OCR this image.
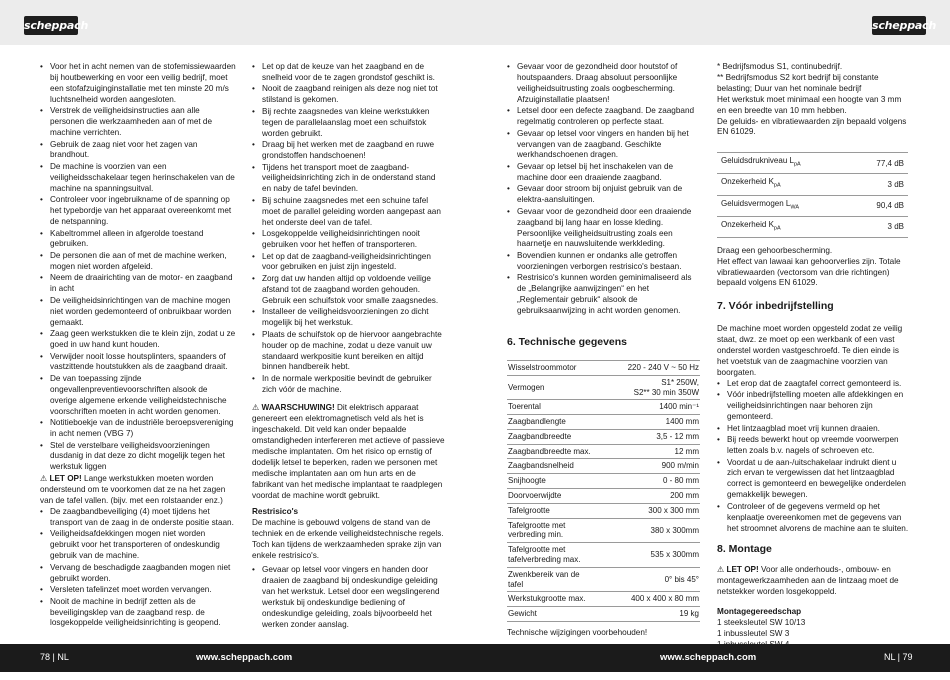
scheppach	scheppach
• Voor het in acht nemen van de stofemissiewaarden bij houtbewerking en voor een veilig bedrijf, moet een stofafzuiginginstallatie met ten minste 20 m/s luchtsnelheid worden aangesloten.
• Verstrek de veiligheidsinstructies aan alle personen die werkzaamheden aan of met de machine verrichten.
• Gebruik de zaag niet voor het zagen van brandhout.
• De machine is voorzien van een veiligheidsschakelaar tegen herinschakelen van de machine na spanningsuitval.
• Controleer voor ingebruikname of de spanning op het typebordje van het apparaat overeenkomt met de netspanning.
• Kabeltrommel alleen in afgerolde toestand gebruiken.
• De personen die aan of met de machine werken, mogen niet worden afgeleid.
• Neem de draairichting van de motor- en zaagband in acht
• De veiligheidsinrichtingen van de machine mogen niet worden gedemonteerd of onbruikbaar worden gemaakt.
• Zaag geen werkstukken die te klein zijn, zodat u ze goed in uw hand kunt houden.
• Verwijder nooit losse houtsplinters, spaanders of vastzittende houtstukken als de zaagband draait.
• De van toepassing zijnde ongevallenpreventievoorschriften alsook de overige algemene erkende veiligheidstechnische voorschriften moeten in acht worden genomen.
• Notitieboekje van de industriële beroepsvereniging in acht nemen (VBG 7)
• Stel de verstelbare veiligheidsvoorzieningen dusdanig in dat deze zo dicht mogelijk tegen het werkstuk liggen

⚠ LET OP! Lange werkstukken moeten worden ondersteund om te voorkomen dat ze na het zagen van de tafel vallen. (bijv. met een rolstaander enz.)

• De zaagbandbeveiliging (4) moet tijdens het transport van de zaag in de onderste positie staan.
• Veiligheidsafdekkingen mogen niet worden gebruikt voor het transporteren of ondeskundig gebruik van de machine.
• Vervang de beschadigde zaagbanden mogen niet gebruikt worden.
• Versleten tafelinzet moet worden vervangen.
• Nooit de machine in bedrijf zetten als de beveiligingsklep van de zaagband resp. de losgekoppelde veiligheidsinrichting is geopend.
• Let op dat de keuze van het zaagband en de snelheid voor de te zagen grondstof geschikt is.
• Nooit de zaagband reinigen als deze nog niet tot stilstand is gekomen.
• Bij rechte zaagsnedes van kleine werkstukken tegen de parallelaanslag moet een schuifstok worden gebruikt.
• Draag bij het werken met de zaagband en ruwe grondstoffen handschoenen!
• Tijdens het transport moet de zaagband-veiligheidsinrichting zich in de onderstand stand en naby de tafel bevinden.
• Bij schuine zaagsnedes met een schuine tafel moet de parallel geleiding worden aangepast aan het onderste deel van de tafel.
• Losgekoppelde veiligheidsinrichtingen nooit gebruiken voor het heffen of transporteren.
• Let op dat de zaagband-veiligheidsinrichtingen voor gebruiken en juist zijn ingesteld.
• Zorg dat uw handen altijd op voldoende veilige afstand tot de zaagband worden gehouden. Gebruik een schuifstok voor smalle zaagsnedes.
• Installeer de veiligheidsvoorzieningen zo dicht mogelijk bij het werkstuk.
• Plaats de schuifstok op de hiervoor aangebrachte houder op de machine, zodat u deze vanuit uw standaard werkpositie kunt bereiken en altijd binnen handbereik hebt.
• In de normale werkpositie bevindt de gebruiker zich vóór de machine.

⚠ WAARSCHUWING! Dit elektrisch apparaat genereert een elektromagnetisch veld als het is ingeschakeld. Dit veld kan onder bepaalde omstandigheden interfereren met actieve of passieve medische implantaten. Om het risico op ernstig of dodelijk letsel te beperken, raden we personen met medische implantaten aan om hun arts en de fabrikant van het medische implantaat te raadplegen voordat de machine wordt gebruikt.

Restrisico's

De machine is gebouwd volgens de stand van de techniek en de erkende veiligheidstechnische regels. Toch kan tijdens de werkzaamheden sprake zijn van enkele restrisico's.

• Gevaar op letsel voor vingers en handen door draaien de zaagband bij ondeskundige geleiding van het werkstuk. Letsel door een wegslingerend werkstuk bij ondeskundige bediening of ondeskundige geleiding, zoals bijvoorbeeld het werken zonder aanslag.
• Gevaar voor de gezondheid door houtstof of houtspaanders. Draag absoluut persoonlijke veiligheidsuitrusting zoals oogbescherming. Afzuiginstallatie plaatsen!
• Letsel door een defecte zaagband. De zaagband regelmatig controleren op perfecte staat.
• Gevaar op letsel voor vingers en handen bij het vervangen van de zaagband. Geschikte werkhandschoenen dragen.
• Gevaar op letsel bij het inschakelen van de machine door een draaiende zaagband.
• Gevaar door stroom bij onjuist gebruik van de elektra-aansluitingen.
• Gevaar voor de gezondheid door een draaiende zaagband bij lang haar en losse kleding. Persoonlijke veiligheidsuitrusting zoals een haarnetje en nauwsluitende werkkleding.
• Bovendien kunnen er ondanks alle getroffen voorzieningen verborgen restrisico's bestaan.
• Restrisico's kunnen worden geminimaliseerd als de „Belangrijke aanwijzingen“ en het „Reglementair gebruik“ alsook de gebruiksaanwijzing in acht worden genomen.
6. Technische gegevens
Wisselstroommotor	220 - 240 V ~ 50 Hz
Vermogen	S1* 250W,
S2** 30 min 350W
Toerental	1400 min⁻¹
Zaagbandlengte	1400 mm
Zaagbandbreedte	3,5 - 12 mm
Zaagbandbreedte max.	12 mm
Zaagbandsnelheid	900 m/min
Snijhoogte	0 - 80 mm
Doorvoerwijdte	200 mm
Tafelgrootte	300 x 300 mm
Tafelgrootte met verbreding min.	380 x 300mm
Tafelgrootte met tafelverbreding max.	535 x 300mm
Zwenkbereik van de tafel	0° bis 45°
Werkstukgrootte max.	400 x 400 x 80 mm
Gewicht	19 kg

Technische wijzigingen voorbehouden!

* Bedrijfsmodus S1, continubedrijf.

** Bedrijfsmodus S2 kort bedrijf bij constante belasting; Duur van het nominale bedrijf

Het werkstuk moet minimaal een hoogte van 3 mm en een breedte van 10 mm hebben.

De geluids- en vibratiewaarden zijn bepaald volgens EN 61029.

Geluidsdrukniveau $L_{pA}$	77,4 dB
Onzekerheid $K_{pA}$	3 dB
Geluidsvermogen $L_{WA}$	90,4 dB
Onzekerheid $K_{pA}$	3 dB

Draag een gehoorbescherming.

Het effect van lawaai kan gehoorverlies zijn. Totale vibratiewaarden (vectorsom van drie richtingen) bepaald volgens EN 61029.

7. Vóór inbedrijfstelling

De machine moet worden opgesteld zodat ze veilig staat, dwz. ze moet op een werkbank of een vast onderstel worden vastgeschroefd. Te dien einde is het voetstuk van de zaagmachine voorzien van boorgaten.

• Let erop dat de zaagtafel correct gemonteerd is.
• Vóór inbedrijfstelling moeten alle afdekkingen en veiligheidsinrichtingen naar behoren zijn gemonteerd.
• Het lintzaagblad moet vrij kunnen draaien.
• Bij reeds bewerkt hout op vreemde voorwerpen letten zoals b.v. nagels of schroeven etc.
• Voordat u de aan-/uitschakelaar indrukt dient u zich ervan te vergewissen dat het lintzaagblad correct is gemonteerd en bewegelijke onderdelen gemakkelijk bewegen.
• Controleer of de gegevens vermeld op het kenplaatje overeenkomen met de gegevens van het stroomnet alvorens de machine aan te sluiten.
8. Montage

⚠ LET OP! Voor alle onderhouds-, ombouw- en montagewerkzaamheden aan de lintzaag moet de netstekker worden losgekoppeld.

Montagegereedschap

1 steeksleutel SW 10/13

1 inbussleutel SW 3

78 | NL	www.scheppach.com	www.scheppach.com	NL | 79
